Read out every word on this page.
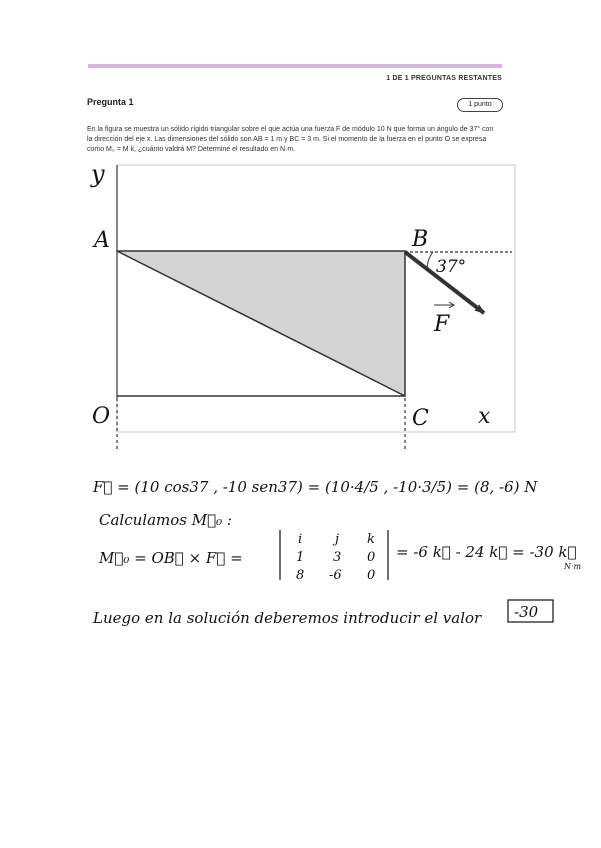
1 DE 1 PREGUNTAS RESTANTES
Pregunta 1	1 punto
En la figura se muestra un sólido rígido triangular sobre el que actúa una fuerza F de módulo 10 N que forma un ángulo de 37° con
la dirección del eje x. Las dimensiones del sólido son AB = 1 m y BC = 3 m. Si el momento de la fuerza en el punto O se expresa
como M₀ = M k, ¿cuánto valdrá M? Determine el resultado en N·m.
y
A	B
37°
F
O	C x
F⃗ = (10 cos37 , -10 sen37) = (10·4/5 , -10·3/5) = (8, -6) N
Calculamos M⃗₀ :
M⃗₀ = OB⃗ × F⃗ =
i	j k
1 3 0
8 -6 0
= -6 k⃗ - 24 k⃗ = -30 k⃗
N·m
Luego en la solución deberemos introducir el valor -30
